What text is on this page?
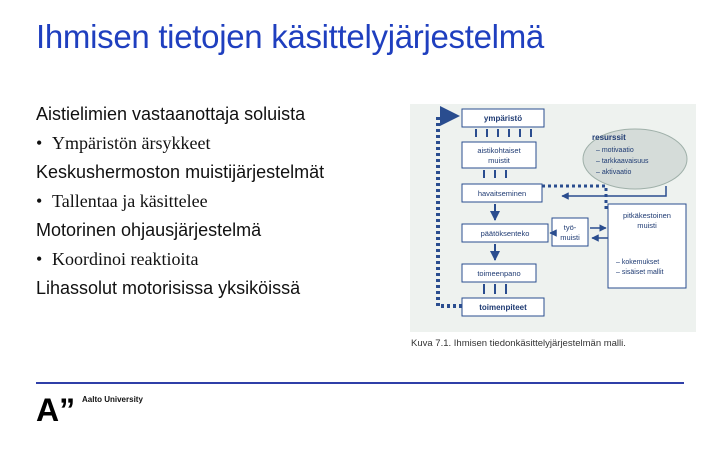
Ihmisen tietojen käsittelyjärjestelmä
Aistielimien vastaanottaja soluista
• Ympäristön ärsykkeet
Keskushermoston muistijärjestelmät
• Tallentaa ja käsittelee
Motorinen ohjausjärjestelmä
• Koordinoi reaktioita
Lihassolut motorisissa yksiköissä
resurssit
– motivaatio
– tarkkaavaisuus
– aktivaatio
ympäristö
aistikohtaiset
muistit
havaitseminen
päätöksenteko
työ-
muisti
pitkäkestoinen
muisti
– kokemukset
– sisäiset mallit
toimeenpano
toimenpiteet
Kuva 7.1. Ihmisen tiedonkäsittelyjärjestelmän malli.
A” Aalto University
